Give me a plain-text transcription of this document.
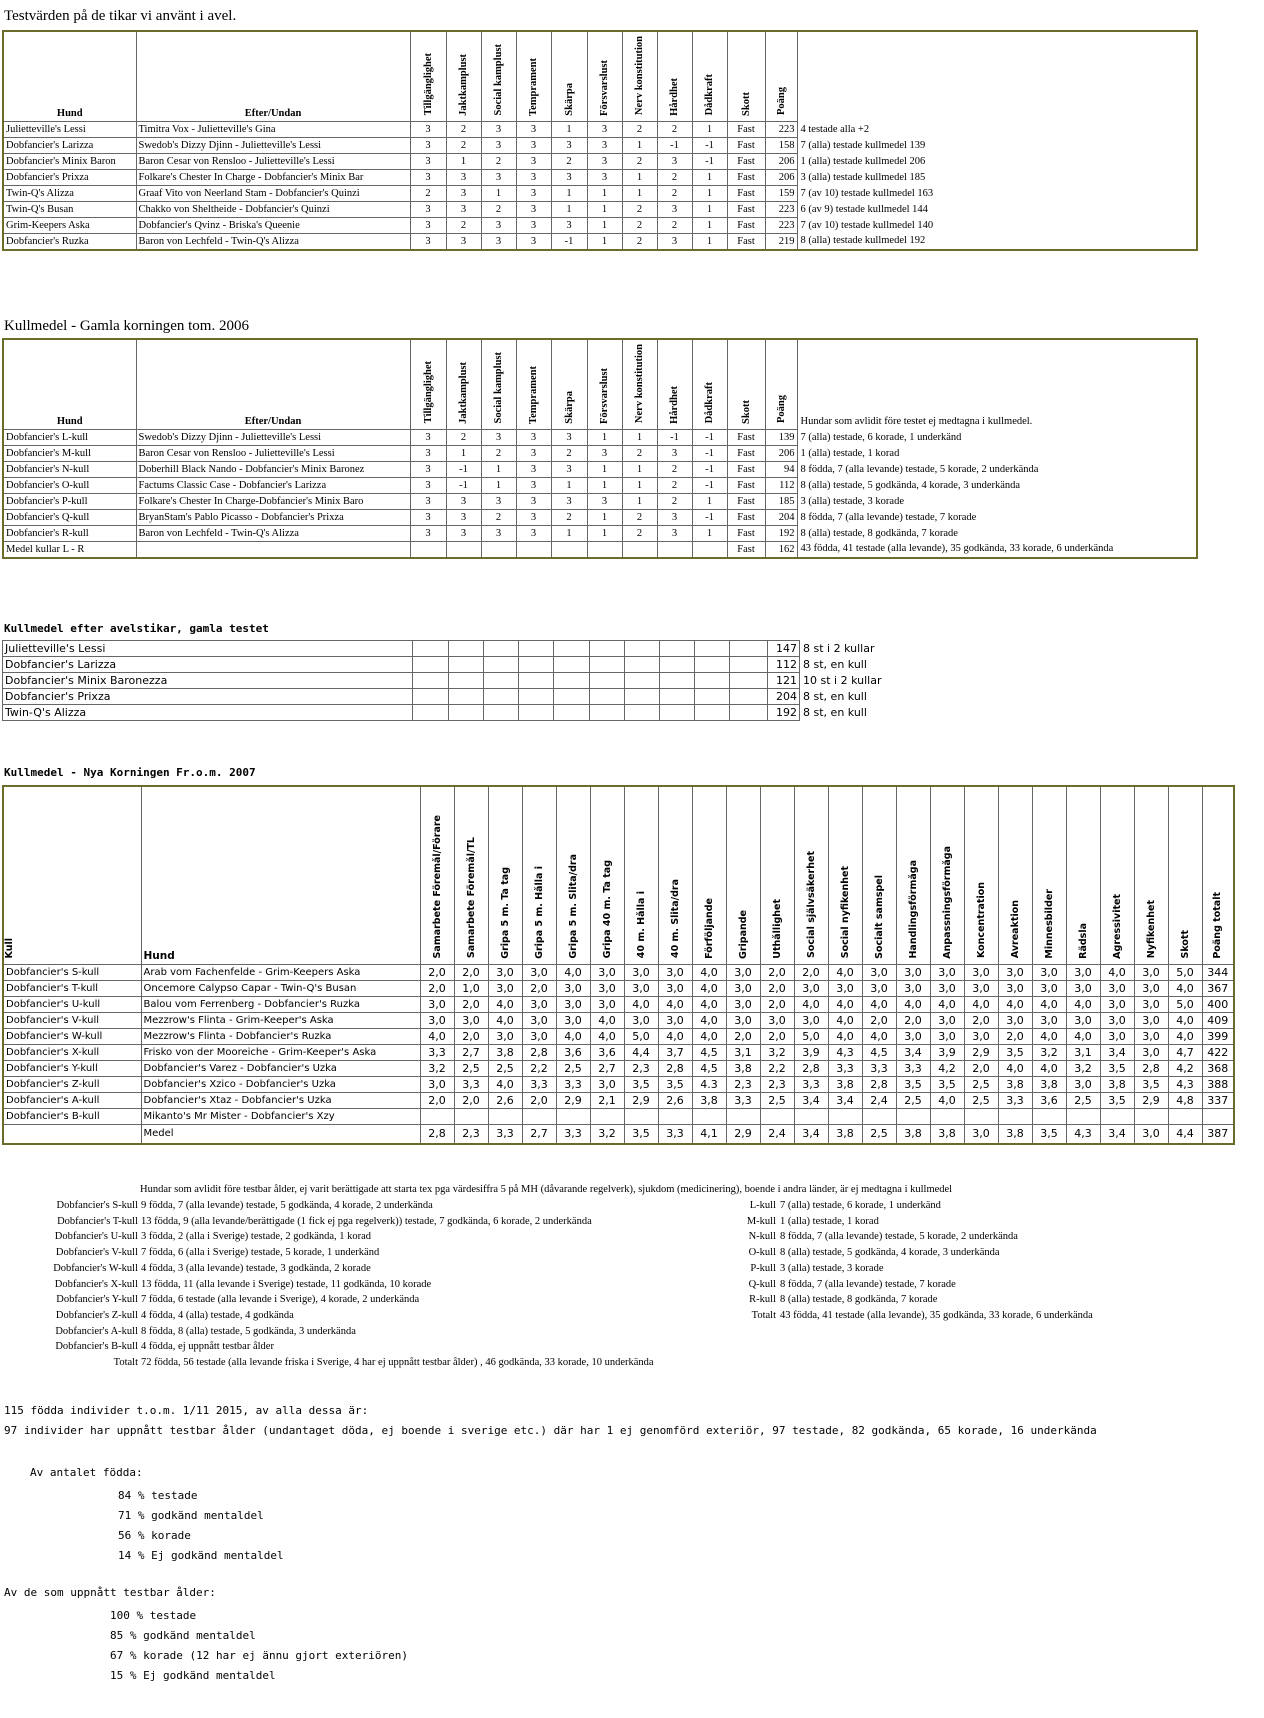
Testvärden på de tikar vi använt i avel.
Hund	Efter/Undan	Tillgänglighet	Jaktkamplust	Social kamplust	Temprament	Skärpa	Försvarslust	Nerv konstitution	Hårdhet	Dådkraft	Skott	Poäng	
Julietteville's Lessi	Timitra Vox - Julietteville's Gina	3	2	3	3	1	3	2	2	1	Fast	223	4 testade alla +2
Dobfancier's Larizza	Swedob's Dizzy Djinn - Julietteville's Lessi	3	2	3	3	3	3	1	-1	-1	Fast	158	7 (alla) testade kullmedel 139
Dobfancier's Minix Baron	Baron Cesar von Rensloo - Julietteville's Lessi	3	1	2	3	2	3	2	3	-1	Fast	206	1 (alla) testade kullmedel 206
Dobfancier's Prixza	Folkare's Chester In Charge - Dobfancier's Minix Bar	3	3	3	3	3	3	1	2	1	Fast	206	3 (alla) testade kullmedel 185
Twin-Q's Alizza	Graaf Vito von Neerland Stam - Dobfancier's Quinzi	2	3	1	3	1	1	1	2	1	Fast	159	7 (av 10) testade kullmedel 163
Twin-Q's Busan	Chakko von Sheltheide - Dobfancier's Quinzi	3	3	2	3	1	1	2	3	1	Fast	223	6 (av 9) testade kullmedel 144
Grim-Keepers Aska	Dobfancier's Qvinz - Briska's Queenie	3	2	3	3	3	1	2	2	1	Fast	223	7 (av 10) testade kullmedel 140
Dobfancier's Ruzka	Baron von Lechfeld - Twin-Q's Alizza	3	3	3	3	-1	1	2	3	1	Fast	219	8 (alla) testade kullmedel 192
Kullmedel - Gamla korningen tom. 2006
Hund	Efter/Undan	Tillgänglighet	Jaktkamplust	Social kamplust	Temprament	Skärpa	Försvarslust	Nerv konstitution	Hårdhet	Dådkraft	Skott	Poäng	Hundar som avlidit före testet ej medtagna i kullmedel.
Dobfancier's L-kull	Swedob's Dizzy Djinn - Julietteville's Lessi	3	2	3	3	3	1	1	-1	-1	Fast	139	7 (alla) testade, 6 korade, 1 underkänd
Dobfancier's M-kull	Baron Cesar von Rensloo - Julietteville's Lessi	3	1	2	3	2	3	2	3	-1	Fast	206	1 (alla) testade, 1 korad
Dobfancier's N-kull	Doberhill Black Nando - Dobfancier's Minix Baronez	3	-1	1	3	3	1	1	2	-1	Fast	94	8 födda, 7 (alla levande) testade, 5 korade, 2 underkända
Dobfancier's O-kull	Factums Classic Case - Dobfancier's Larizza	3	-1	1	3	1	1	1	2	-1	Fast	112	8 (alla) testade, 5 godkända, 4 korade, 3 underkända
Dobfancier's P-kull	Folkare's Chester In Charge-Dobfancier's Minix Baro	3	3	3	3	3	3	1	2	1	Fast	185	3 (alla) testade, 3 korade
Dobfancier's Q-kull	BryanStam's Pablo Picasso - Dobfancier's Prixza	3	3	2	3	2	1	2	3	-1	Fast	204	8 födda, 7 (alla levande) testade, 7 korade
Dobfancier's R-kull	Baron von Lechfeld - Twin-Q's Alizza	3	3	3	3	1	1	2	3	1	Fast	192	8 (alla) testade, 8 godkända, 7 korade
Medel kullar L - R											Fast	162	43 födda, 41 testade (alla levande), 35 godkända, 33 korade, 6 underkända
Kullmedel efter avelstikar, gamla testet
Julietteville's Lessi											147	8 st i 2 kullar
Dobfancier's Larizza											112	8 st, en kull
Dobfancier's Minix Baronezza											121	10 st i 2 kullar
Dobfancier's Prixza											204	8 st, en kull
Twin-Q's Alizza											192	8 st, en kull
Kullmedel - Nya Korningen Fr.o.m. 2007
Kull	Hund	Samarbete Föremål/Förare	Samarbete Föremål/TL	Gripa 5 m. Ta tag	Gripa 5 m. Hålla i	Gripa 5 m. Slita/dra	Gripa 40 m. Ta tag	40 m. Hålla i	40 m. Slita/dra	Förföljande	Gripande	Uthållighet	Social självsäkerhet	Social nyfikenhet	Socialt samspel	Handlingsförmåga	Anpassningsförmåga	Koncentration	Avreaktion	Minnesbilder	Rädsla	Agressivitet	Nyfikenhet	Skott	Poäng totalt
Dobfancier's S-kull	Arab vom Fachenfelde - Grim-Keepers Aska	2,0	2,0	3,0	3,0	4,0	3,0	3,0	3,0	4,0	3,0	2,0	2,0	4,0	3,0	3,0	3,0	3,0	3,0	3,0	3,0	4,0	3,0	5,0	344
Dobfancier's T-kull	Oncemore Calypso Capar - Twin-Q's Busan	2,0	1,0	3,0	2,0	3,0	3,0	3,0	3,0	4,0	3,0	2,0	3,0	3,0	3,0	3,0	3,0	3,0	3,0	3,0	3,0	3,0	3,0	4,0	367
Dobfancier's U-kull	Balou vom Ferrenberg - Dobfancier's Ruzka	3,0	2,0	4,0	3,0	3,0	3,0	4,0	4,0	4,0	3,0	2,0	4,0	4,0	4,0	4,0	4,0	4,0	4,0	4,0	4,0	3,0	3,0	5,0	400
Dobfancier's V-kull	Mezzrow's Flinta - Grim-Keeper's Aska	3,0	3,0	4,0	3,0	3,0	4,0	3,0	3,0	4,0	3,0	3,0	3,0	4,0	2,0	2,0	3,0	2,0	3,0	3,0	3,0	3,0	3,0	4,0	409
Dobfancier's W-kull	Mezzrow's Flinta - Dobfancier's Ruzka	4,0	2,0	3,0	3,0	4,0	4,0	5,0	4,0	4,0	2,0	2,0	5,0	4,0	4,0	3,0	3,0	3,0	2,0	4,0	4,0	3,0	3,0	4,0	399
Dobfancier's X-kull	Frisko von der Mooreiche - Grim-Keeper's Aska	3,3	2,7	3,8	2,8	3,6	3,6	4,4	3,7	4,5	3,1	3,2	3,9	4,3	4,5	3,4	3,9	2,9	3,5	3,2	3,1	3,4	3,0	4,7	422
Dobfancier's Y-kull	Dobfancier's Varez - Dobfancier's Uzka	3,2	2,5	2,5	2,2	2,5	2,7	2,3	2,8	4,5	3,8	2,2	2,8	3,3	3,3	3,3	4,2	2,0	4,0	4,0	3,2	3,5	2,8	4,2	368
Dobfancier's Z-kull	Dobfancier's Xzico - Dobfancier's Uzka	3,0	3,3	4,0	3,3	3,3	3,0	3,5	3,5	4.3	2,3	2,3	3,3	3,8	2,8	3,5	3,5	2,5	3,8	3,8	3,0	3,8	3,5	4,3	388
Dobfancier's A-kull	Dobfancier's Xtaz - Dobfancier's Uzka	2,0	2,0	2,6	2,0	2,9	2,1	2,9	2,6	3,8	3,3	2,5	3,4	3,4	2,4	2,5	4,0	2,5	3,3	3,6	2,5	3,5	2,9	4,8	337
Dobfancier's B-kull	Mikanto's Mr Mister - Dobfancier's Xzy																								
	Medel	2,8	2,3	3,3	2,7	3,3	3,2	3,5	3,3	4,1	2,9	2,4	3,4	3,8	2,5	3,8	3,8	3,0	3,8	3,5	4,3	3,4	3,0	4,4	387
Hundar som avlidit före testbar ålder, ej varit berättigade att starta tex pga värdesiffra 5 på MH (dåvarande regelverk), sjukdom (medicinering), boende i andra länder, är ej medtagna i kullmedel
Dobfancier's S-kull 9 födda, 7 (alla levande) testade, 5 godkända, 4 korade, 2 underkända
Dobfancier's T-kull 13 födda, 9 (alla levande/berättigade (1 fick ej pga regelverk)) testade, 7 godkända, 6 korade, 2 underkända
Dobfancier's U-kull 3 födda, 2 (alla i Sverige) testade, 2 godkända, 1 korad
Dobfancier's V-kull 7 födda, 6 (alla i Sverige) testade, 5 korade, 1 underkänd
Dobfancier's W-kull 4 födda, 3 (alla levande) testade, 3 godkända, 2 korade
Dobfancier's X-kull 13 födda, 11 (alla levande i Sverige) testade, 11 godkända, 10 korade
Dobfancier's Y-kull 7 födda, 6 testade (alla levande i Sverige), 4 korade, 2 underkända
Dobfancier's Z-kull 4 födda, 4 (alla) testade, 4 godkända
Dobfancier's A-kull 8 födda, 8 (alla) testade, 5 godkända, 3 underkända
Dobfancier's B-kull 4 födda, ej uppnått testbar ålder
Totalt 72 födda, 56 testade (alla levande friska i Sverige, 4 har ej uppnått testbar ålder) , 46 godkända, 33 korade, 10 underkända
L-kull 7 (alla) testade, 6 korade, 1 underkänd
M-kull 1 (alla) testade, 1 korad
N-kull 8 födda, 7 (alla levande) testade, 5 korade, 2 underkända
O-kull 8 (alla) testade, 5 godkända, 4 korade, 3 underkända
P-kull 3 (alla) testade, 3 korade
Q-kull 8 födda, 7 (alla levande) testade, 7 korade
R-kull 8 (alla) testade, 8 godkända, 7 korade
Totalt 43 födda, 41 testade (alla levande), 35 godkända, 33 korade, 6 underkända
115 födda individer t.o.m. 1/11 2015, av alla dessa är:
97 individer har uppnått testbar ålder (undantaget döda, ej boende i sverige etc.) där har 1 ej genomförd exteriör, 97 testade, 82 godkända, 65 korade, 16 underkända
Av antalet födda:
84 % testade
71 % godkänd mentaldel
56 % korade
14 % Ej godkänd mentaldel
Av de som uppnått testbar ålder:
100 % testade
85 % godkänd mentaldel
67 % korade (12 har ej ännu gjort exteriören)
15 % Ej godkänd mentaldel
